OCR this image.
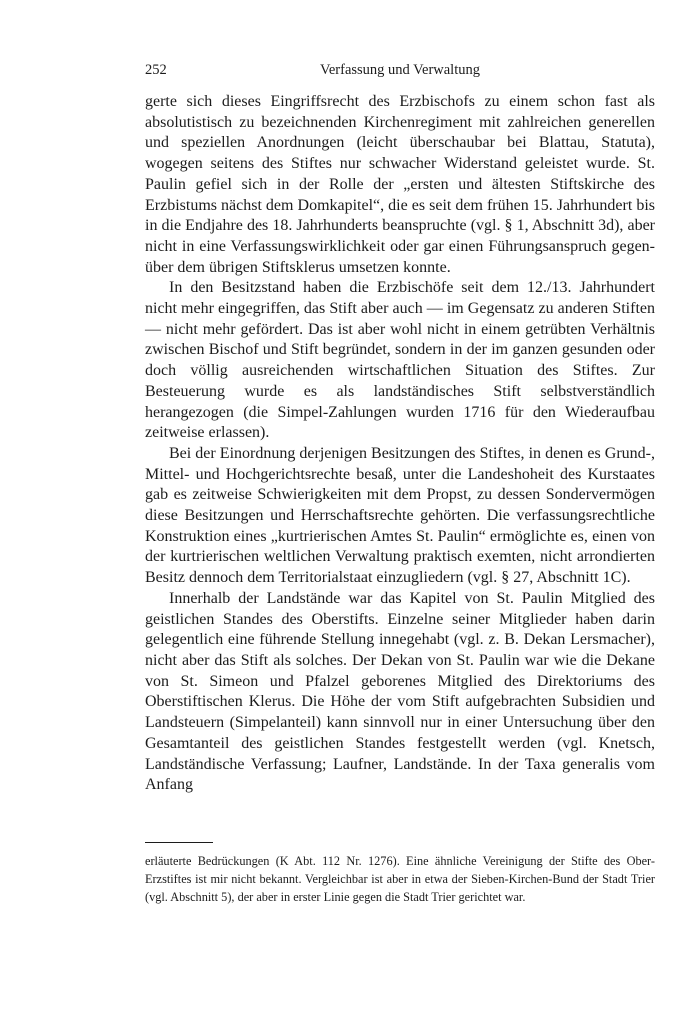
252	Verfassung und Verwaltung

gerte sich dieses Eingriffsrecht des Erzbischofs zu einem schon fast als absolutistisch zu bezeichnenden Kirchenregiment mit zahlreichen generellen und speziellen Anordnungen (leicht überschaubar bei Blattau, Statuta), wogegen seitens des Stiftes nur schwacher Widerstand geleistet wurde. St. Paulin gefiel sich in der Rolle der „ersten und ältesten Stiftskirche des Erzbistums nächst dem Domkapitel“, die es seit dem frühen 15. Jahrhundert bis in die Endjahre des 18. Jahrhunderts beanspruchte (vgl. § 1, Abschnitt 3d), aber nicht in eine Verfassungswirklichkeit oder gar einen Führungsanspruch gegenüber dem übrigen Stiftsklerus umsetzen konnte.

In den Besitzstand haben die Erzbischöfe seit dem 12./13. Jahrhundert nicht mehr eingegriffen, das Stift aber auch — im Gegensatz zu anderen Stiften — nicht mehr gefördert. Das ist aber wohl nicht in einem getrübten Verhältnis zwischen Bischof und Stift begründet, sondern in der im ganzen gesunden oder doch völlig ausreichenden wirtschaftlichen Situation des Stiftes. Zur Besteuerung wurde es als landständisches Stift selbstverständlich herangezogen (die Simpel-Zahlungen wurden 1716 für den Wiederaufbau zeitweise erlassen).

Bei der Einordnung derjenigen Besitzungen des Stiftes, in denen es Grund-, Mittel- und Hochgerichtsrechte besaß, unter die Landeshoheit des Kurstaates gab es zeitweise Schwierigkeiten mit dem Propst, zu dessen Sondervermögen diese Besitzungen und Herrschaftsrechte gehörten. Die verfassungsrechtliche Konstruktion eines „kurtrierischen Amtes St. Paulin“ ermöglichte es, einen von der kurtrierischen weltlichen Verwaltung praktisch exemten, nicht arrondierten Besitz dennoch dem Territorialstaat einzugliedern (vgl. § 27, Abschnitt 1C).

Innerhalb der Landstände war das Kapitel von St. Paulin Mitglied des geistlichen Standes des Oberstifts. Einzelne seiner Mitglieder haben darin gelegentlich eine führende Stellung innegehabt (vgl. z. B. Dekan Lersmacher), nicht aber das Stift als solches. Der Dekan von St. Paulin war wie die Dekane von St. Simeon und Pfalzel geborenes Mitglied des Direktoriums des Oberstiftischen Klerus. Die Höhe der vom Stift aufgebrachten Subsidien und Landsteuern (Simpelanteil) kann sinnvoll nur in einer Untersuchung über den Gesamtanteil des geistlichen Standes festgestellt werden (vgl. Knetsch, Landständische Verfassung; Laufner, Landstände. In der Taxa generalis vom Anfang

erläuterte Bedrückungen (K Abt. 112 Nr. 1276). Eine ähnliche Vereinigung der Stifte des Ober-Erzstiftes ist mir nicht bekannt. Vergleichbar ist aber in etwa der Sieben-Kirchen-Bund der Stadt Trier (vgl. Abschnitt 5), der aber in erster Linie gegen die Stadt Trier gerichtet war.
